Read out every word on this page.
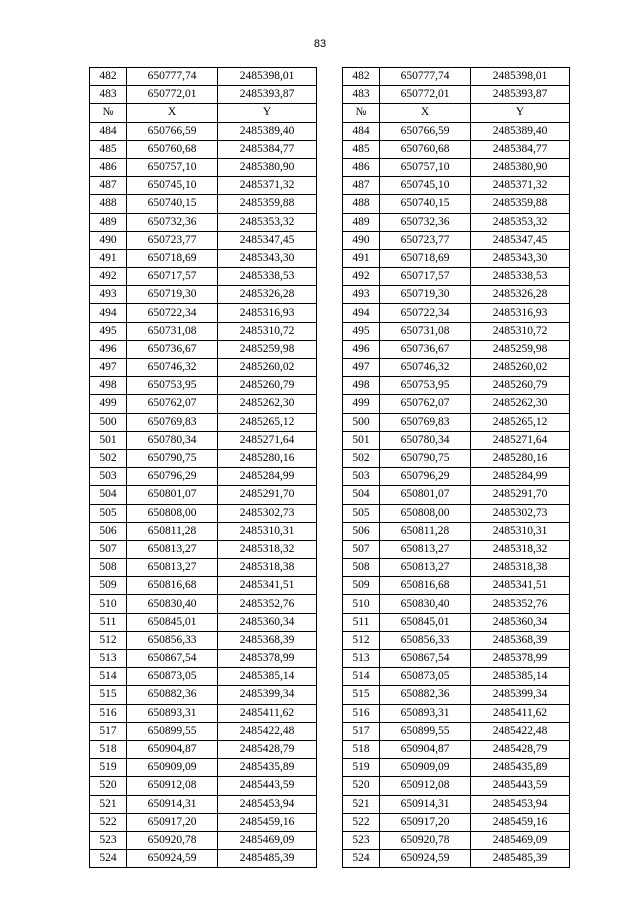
83
482	650777,74	2485398,01		482	650777,74	2485398,01
483	650772,01	2485393,87		483	650772,01	2485393,87
№	X	Y		№	X	Y
484	650766,59	2485389,40		484	650766,59	2485389,40
485	650760,68	2485384,77		485	650760,68	2485384,77
486	650757,10	2485380,90		486	650757,10	2485380,90
487	650745,10	2485371,32		487	650745,10	2485371,32
488	650740,15	2485359,88		488	650740,15	2485359,88
489	650732,36	2485353,32		489	650732,36	2485353,32
490	650723,77	2485347,45		490	650723,77	2485347,45
491	650718,69	2485343,30		491	650718,69	2485343,30
492	650717,57	2485338,53		492	650717,57	2485338,53
493	650719,30	2485326,28		493	650719,30	2485326,28
494	650722,34	2485316,93		494	650722,34	2485316,93
495	650731,08	2485310,72		495	650731,08	2485310,72
496	650736,67	2485259,98		496	650736,67	2485259,98
497	650746,32	2485260,02		497	650746,32	2485260,02
498	650753,95	2485260,79		498	650753,95	2485260,79
499	650762,07	2485262,30		499	650762,07	2485262,30
500	650769,83	2485265,12		500	650769,83	2485265,12
501	650780,34	2485271,64		501	650780,34	2485271,64
502	650790,75	2485280,16		502	650790,75	2485280,16
503	650796,29	2485284,99		503	650796,29	2485284,99
504	650801,07	2485291,70		504	650801,07	2485291,70
505	650808,00	2485302,73		505	650808,00	2485302,73
506	650811,28	2485310,31		506	650811,28	2485310,31
507	650813,27	2485318,32		507	650813,27	2485318,32
508	650813,27	2485318,38		508	650813,27	2485318,38
509	650816,68	2485341,51		509	650816,68	2485341,51
510	650830,40	2485352,76		510	650830,40	2485352,76
511	650845,01	2485360,34		511	650845,01	2485360,34
512	650856,33	2485368,39		512	650856,33	2485368,39
513	650867,54	2485378,99		513	650867,54	2485378,99
514	650873,05	2485385,14		514	650873,05	2485385,14
515	650882,36	2485399,34		515	650882,36	2485399,34
516	650893,31	2485411,62		516	650893,31	2485411,62
517	650899,55	2485422,48		517	650899,55	2485422,48
518	650904,87	2485428,79		518	650904,87	2485428,79
519	650909,09	2485435,89		519	650909,09	2485435,89
520	650912,08	2485443,59		520	650912,08	2485443,59
521	650914,31	2485453,94		521	650914,31	2485453,94
522	650917,20	2485459,16		522	650917,20	2485459,16
523	650920,78	2485469,09		523	650920,78	2485469,09
524	650924,59	2485485,39		524	650924,59	2485485,39
